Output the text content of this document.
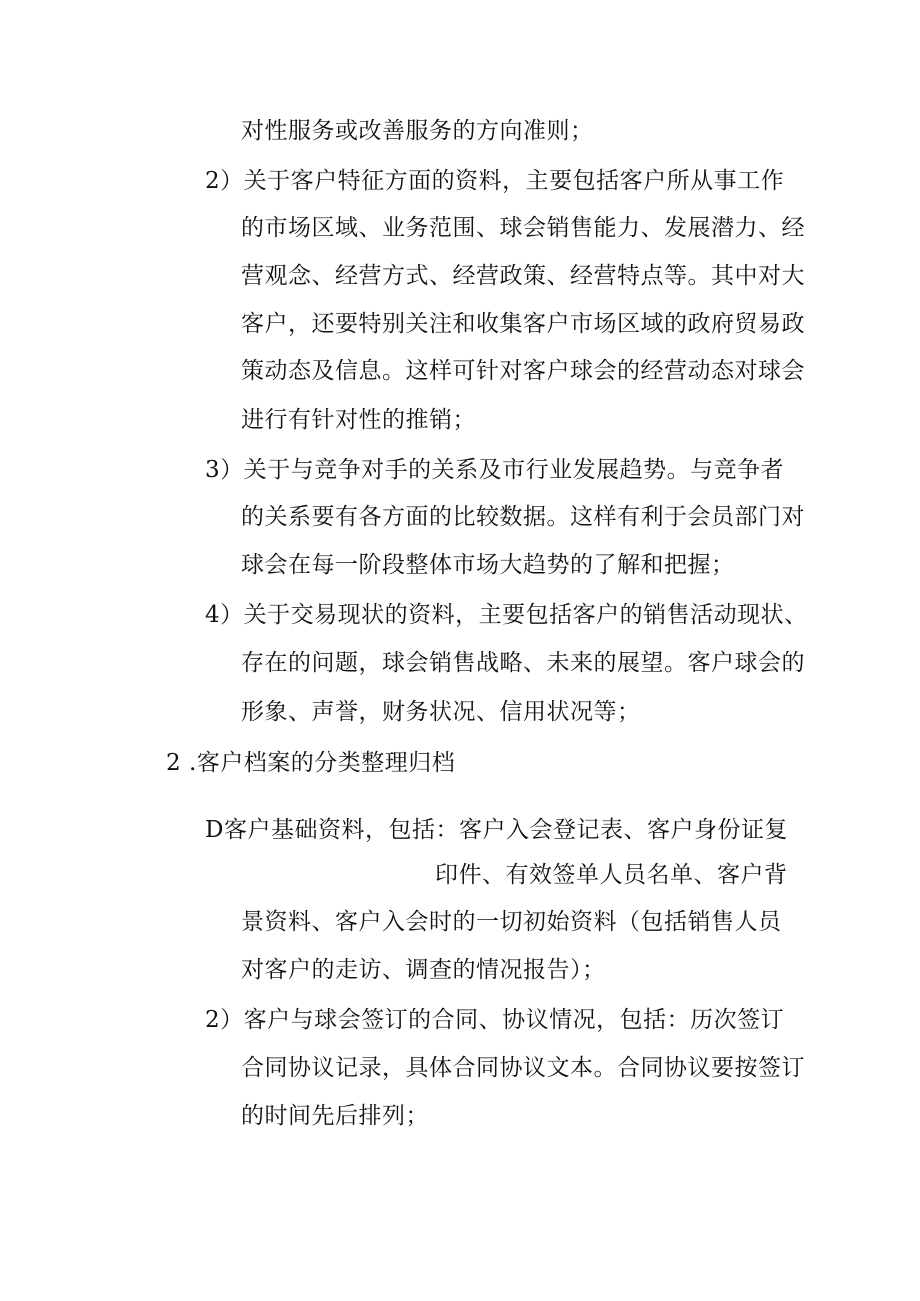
对性服务或改善服务的方向准则；
2）关于客户特征方面的资料，主要包括客户所从事工作
的市场区域、业务范围、球会销售能力、发展潜力、经
营观念、经营方式、经营政策、经营特点等。其中对大
客户，还要特别关注和收集客户市场区域的政府贸易政
策动态及信息。这样可针对客户球会的经营动态对球会
进行有针对性的推销；
3）关于与竞争对手的关系及市行业发展趋势。与竞争者
的关系要有各方面的比较数据。这样有利于会员部门对
球会在每一阶段整体市场大趋势的了解和把握；
4）关于交易现状的资料，主要包括客户的销售活动现状、
存在的问题，球会销售战略、未来的展望。客户球会的
形象、声誉，财务状况、信用状况等；
2 .客户档案的分类整理归档
D客户基础资料，包括：客户入会登记表、客户身份证复
印件、有效签单人员名单、客户背
景资料、客户入会时的一切初始资料（包括销售人员
对客户的走访、调查的情况报告）；
2）客户与球会签订的合同、协议情况，包括：历次签订
合同协议记录，具体合同协议文本。合同协议要按签订
的时间先后排列；
